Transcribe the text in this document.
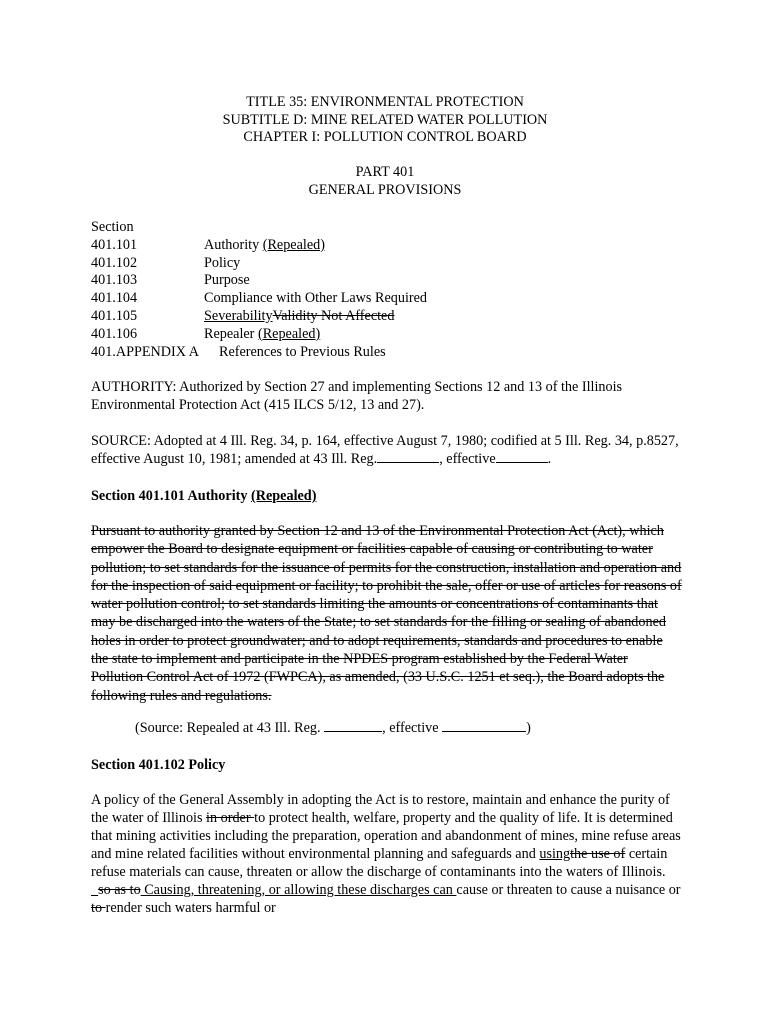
TITLE 35: ENVIRONMENTAL PROTECTION
SUBTITLE D: MINE RELATED WATER POLLUTION
CHAPTER I: POLLUTION CONTROL BOARD
PART 401
GENERAL PROVISIONS
Section
401.101	Authority (Repealed)
401.102	Policy
401.103	Purpose
401.104	Compliance with Other Laws Required
401.105	SeverabilityValidity Not Affected
401.106	Repealer (Repealed)
401.APPENDIX A References to Previous Rules
AUTHORITY: Authorized by Section 27 and implementing Sections 12 and 13 of the Illinois Environmental Protection Act (415 ILCS 5/12, 13 and 27).
SOURCE: Adopted at 4 Ill. Reg. 34, p. 164, effective August 7, 1980; codified at 5 Ill. Reg. 34, p.8527, effective August 10, 1981; amended at 43 Ill. Reg.	, effective	.
Section 401.101 Authority (Repealed)
Pursuant to authority granted by Section 12 and 13 of the Environmental Protection Act (Act), which empower the Board to designate equipment or facilities capable of causing or contributing to water pollution; to set standards for the issuance of permits for the construction, installation and operation and for the inspection of said equipment or facility; to prohibit the sale, offer or use of articles for reasons of water pollution control; to set standards limiting the amounts or concentrations of contaminants that may be discharged into the waters of the State; to set standards for the filling or sealing of abandoned holes in order to protect groundwater; and to adopt requirements, standards and procedures to enable the state to implement and participate in the NPDES program established by the Federal Water Pollution Control Act of 1972 (FWPCA), as amended, (33 U.S.C. 1251 et seq.), the Board adopts the following rules and regulations.
(Source: Repealed at 43 Ill. Reg.	, effective	)
Section 401.102 Policy
A policy of the General Assembly in adopting the Act is to restore, maintain and enhance the purity of the water of Illinois in order to protect health, welfare, property and the quality of life. It is determined that mining activities including the preparation, operation and abandonment of mines, mine refuse areas and mine related facilities without environmental planning and safeguards and usingthe use of certain refuse materials can cause, threaten or allow the discharge of contaminants into the waters of Illinois.  so as to Causing, threatening, or allowing these discharges can cause or threaten to cause a nuisance or to render such waters harmful or
